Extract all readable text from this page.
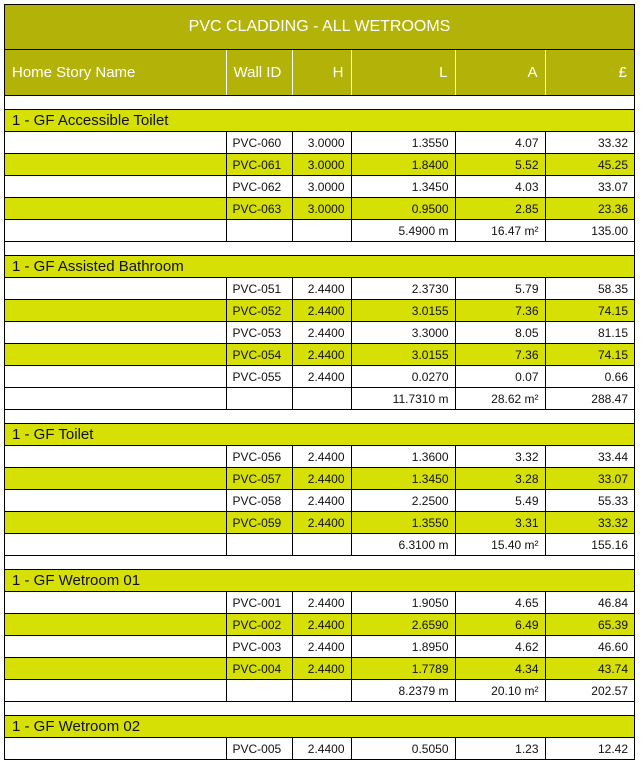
PVC CLADDING - ALL WETROOMS
Home Story Name	Wall ID	H	L	A	£

1 - GF Accessible Toilet					
	PVC-060	3.0000	1.3550	4.07	33.32
	PVC-061	3.0000	1.8400	5.52	45.25
	PVC-062	3.0000	1.3450	4.03	33.07
	PVC-063	3.0000	0.9500	2.85	23.36
			5.4900 m	16.47 m²	135.00

1 - GF Assisted Bathroom					
	PVC-051	2.4400	2.3730	5.79	58.35
	PVC-052	2.4400	3.0155	7.36	74.15
	PVC-053	2.4400	3.3000	8.05	81.15
	PVC-054	2.4400	3.0155	7.36	74.15
	PVC-055	2.4400	0.0270	0.07	0.66
			11.7310 m	28.62 m²	288.47

1 - GF Toilet					
	PVC-056	2.4400	1.3600	3.32	33.44
	PVC-057	2.4400	1.3450	3.28	33.07
	PVC-058	2.4400	2.2500	5.49	55.33
	PVC-059	2.4400	1.3550	3.31	33.32
			6.3100 m	15.40 m²	155.16

1 - GF Wetroom 01					
	PVC-001	2.4400	1.9050	4.65	46.84
	PVC-002	2.4400	2.6590	6.49	65.39
	PVC-003	2.4400	1.8950	4.62	46.60
	PVC-004	2.4400	1.7789	4.34	43.74
			8.2379 m	20.10 m²	202.57

1 - GF Wetroom 02					
	PVC-005	2.4400	0.5050	1.23	12.42
